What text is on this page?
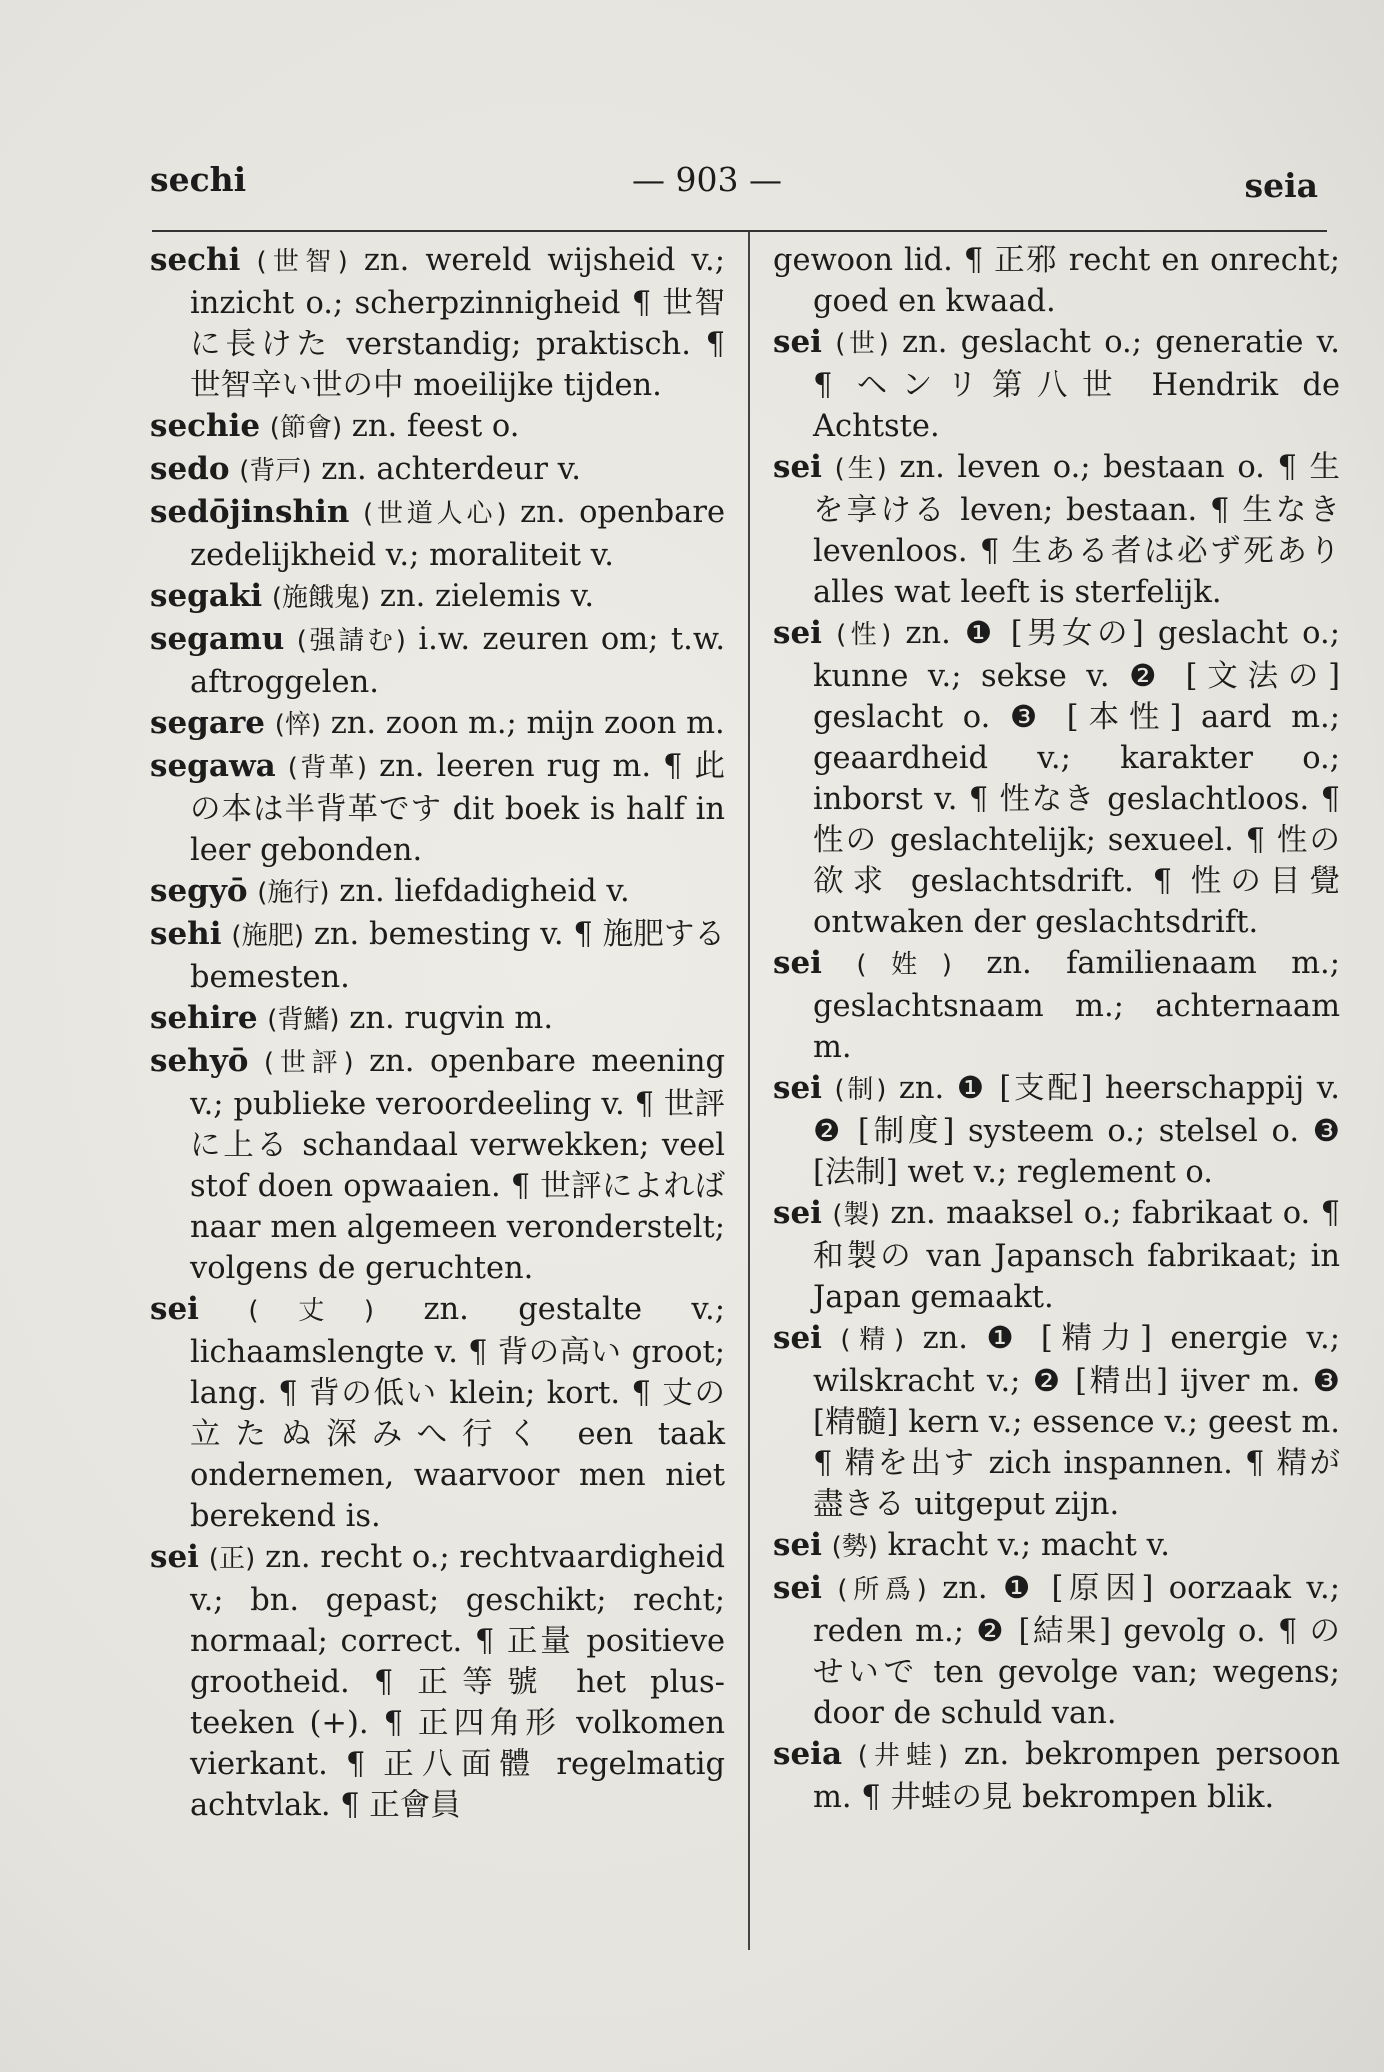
sechi	— 903 —	seia

sechi (世智) zn. wereld wijsheid v.; inzicht o.; scherpzinnigheid ¶ 世智に長けた verstandig; praktisch. ¶ 世智辛い世の中 moeilijke tijden.

sechie (節會) zn. feest o.

sedo (背戸) zn. achterdeur v.

sedōjinshin (世道人心) zn. openbare zedelijkheid v.; moraliteit v.

segaki (施餓鬼) zn. zielemis v.

segamu (强請む) i.w. zeuren om; t.w. aftroggelen.

segare (悴) zn. zoon m.; mijn zoon m.

segawa (背革) zn. leeren rug m. ¶ 此の本は半背革です dit boek is half in leer gebonden.

segyō (施行) zn. liefdadigheid v.

sehi (施肥) zn. bemesting v. ¶ 施肥する bemesten.

sehire (背鰭) zn. rugvin m.

sehyō (世評) zn. openbare meening v.; publieke veroordeeling v. ¶ 世評に上る schandaal verwekken; veel stof doen opwaaien. ¶ 世評によれば naar men algemeen veronderstelt; volgens de geruchten.

sei (丈) zn. gestalte v.; lichaamslengte v. ¶ 背の高い groot; lang. ¶ 背の低い klein; kort. ¶ 丈の立たぬ深みへ行く een taak ondernemen, waarvoor men niet berekend is.

sei (正) zn. recht o.; rechtvaardigheid v.; bn. gepast; geschikt; recht; normaal; correct. ¶ 正量 positieve grootheid. ¶ 正等號 het plus-teeken (+). ¶ 正四角形 volkomen vierkant. ¶ 正八面體 regelmatig achtvlak. ¶ 正會員

gewoon lid. ¶ 正邪 recht en onrecht; goed en kwaad.

sei (世) zn. geslacht o.; generatie v. ¶ ヘンリ第八世 Hendrik de Achtste.

sei (生) zn. leven o.; bestaan o. ¶ 生を享ける leven; bestaan. ¶ 生なき levenloos. ¶ 生ある者は必ず死あり alles wat leeft is sterfelijk.

sei (性) zn. ❶ [男女の] geslacht o.; kunne v.; sekse v. ❷ [文法の] geslacht o. ❸ [本性] aard m.; geaardheid v.; karakter o.; inborst v. ¶ 性なき geslachtloos. ¶ 性の geslachtelijk; sexueel. ¶ 性の欲求 geslachtsdrift. ¶ 性の目覺 ontwaken der geslachtsdrift.

sei (姓) zn. familienaam m.; geslachtsnaam m.; achternaam m.

sei (制) zn. ❶ [支配] heerschappij v. ❷ [制度] systeem o.; stelsel o. ❸ [法制] wet v.; reglement o.

sei (製) zn. maaksel o.; fabrikaat o. ¶ 和製の van Japansch fabrikaat; in Japan gemaakt.

sei (精) zn. ❶ [精力] energie v.; wilskracht v.; ❷ [精出] ijver m. ❸ [精髓] kern v.; essence v.; geest m. ¶ 精を出す zich inspannen. ¶ 精が盡きる uitgeput zijn.

sei (勢) kracht v.; macht v.

sei (所爲) zn. ❶ [原因] oorzaak v.; reden m.; ❷ [結果] gevolg o. ¶ のせいで ten gevolge van; wegens; door de schuld van.

seia (井蛙) zn. bekrompen persoon m. ¶ 井蛙の見 bekrompen blik.
